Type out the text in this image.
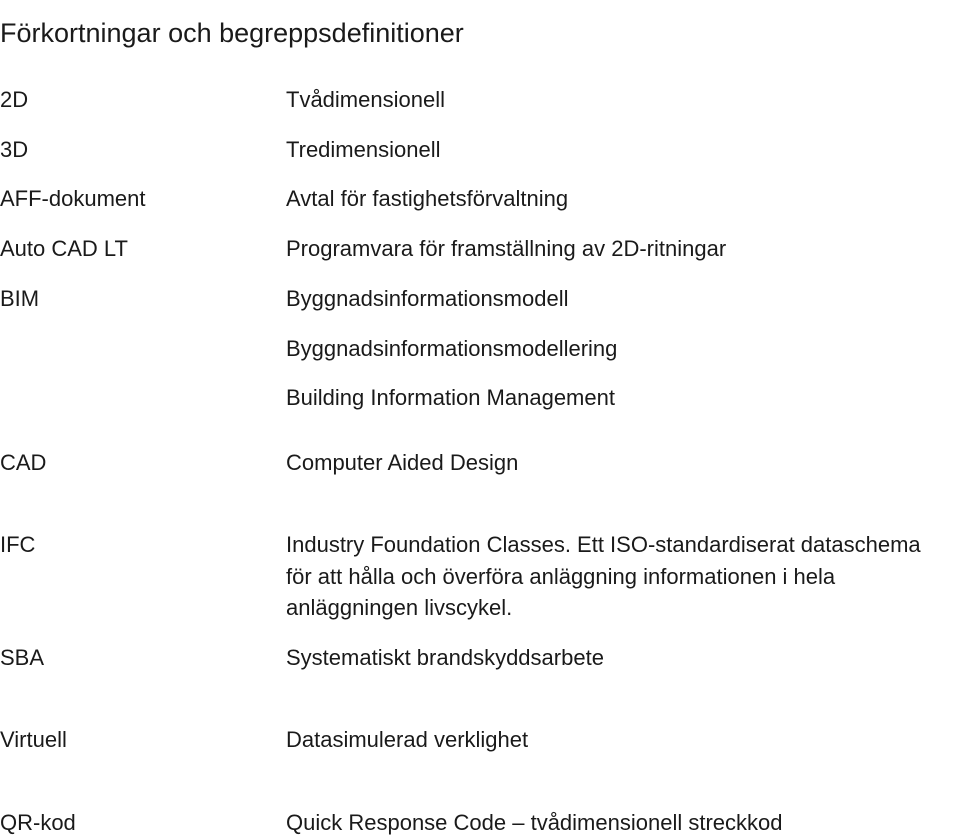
Förkortningar och begreppsdefinitioner
2D	Tvådimensionell
3D	Tredimensionell
AFF-dokument	Avtal för fastighetsförvaltning
Auto CAD LT	Programvara för framställning av 2D-ritningar
BIM	Byggnadsinformationsmodell
Byggnadsinformationsmodellering
Building Information Management
CAD	Computer Aided Design
IFC	Industry Foundation Classes. Ett ISO-standardiserat dataschema
för att hålla och överföra anläggning informationen i hela
anläggningen livscykel.
SBA	Systematiskt brandskyddsarbete
Virtuell	Datasimulerad verklighet
QR-kod	Quick Response Code – tvådimensionell streckkod
